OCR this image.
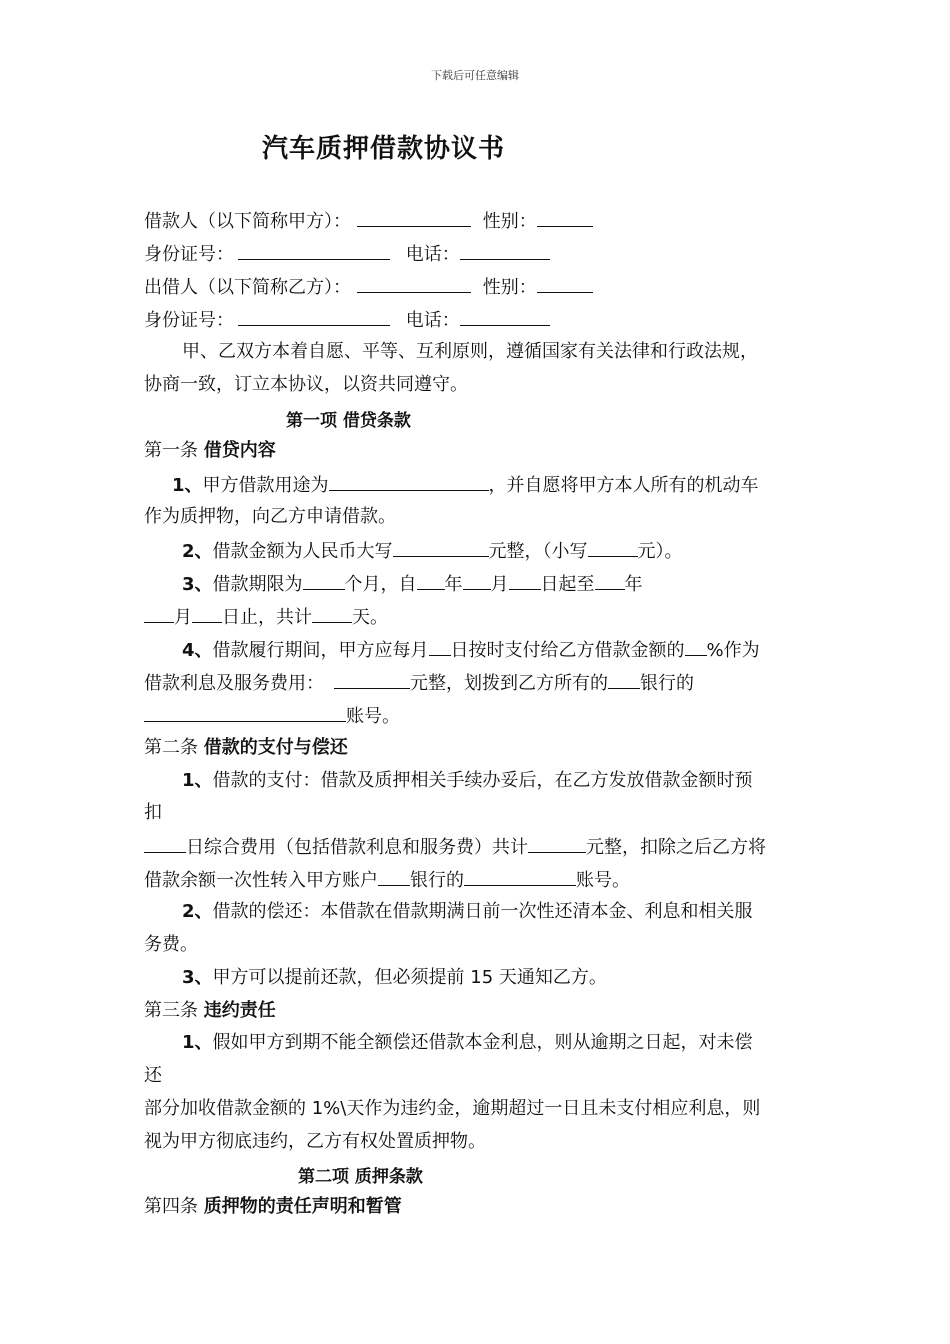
下载后可任意编辑
汽车质押借款协议书
借款人（以下简称甲方）：	性别：
身份证号：	电话：
出借人（以下简称乙方）：	性别：
身份证号：	电话：
甲、乙双方本着自愿、平等、互利原则，遵循国家有关法律和行政法规，
协商一致，订立本协议，以资共同遵守。
第一项 借贷条款
第一条 借贷内容
1、甲方借款用途为	，并自愿将甲方本人所有的机动车
作为质押物，向乙方申请借款。
2、借款金额为人民币大写	元整，（小写	元）。
3、借款期限为 个月，自 年 月 日起至 年
月 日止，共计 天。
4、借款履行期间，甲方应每月 日按时支付给乙方借款金额的 %作为
借款利息及服务费用：	元整，划拨到乙方所有的 银行的
账号。
第二条 借款的支付与偿还
1、借款的支付：借款及质押相关手续办妥后，在乙方发放借款金额时预
扣
日综合费用（包括借款利息和服务费）共计	元整，扣除之后乙方将
借款余额一次性转入甲方账户 银行的	账号。
2、借款的偿还：本借款在借款期满日前一次性还清本金、利息和相关服
务费。
3、甲方可以提前还款，但必须提前 15 天通知乙方。
第三条 违约责任
1、假如甲方到期不能全额偿还借款本金利息，则从逾期之日起，对未偿
还
部分加收借款金额的 1%\天作为违约金，逾期超过一日且未支付相应利息，则
视为甲方彻底违约，乙方有权处置质押物。
第二项 质押条款
第四条 质押物的责任声明和暂管
